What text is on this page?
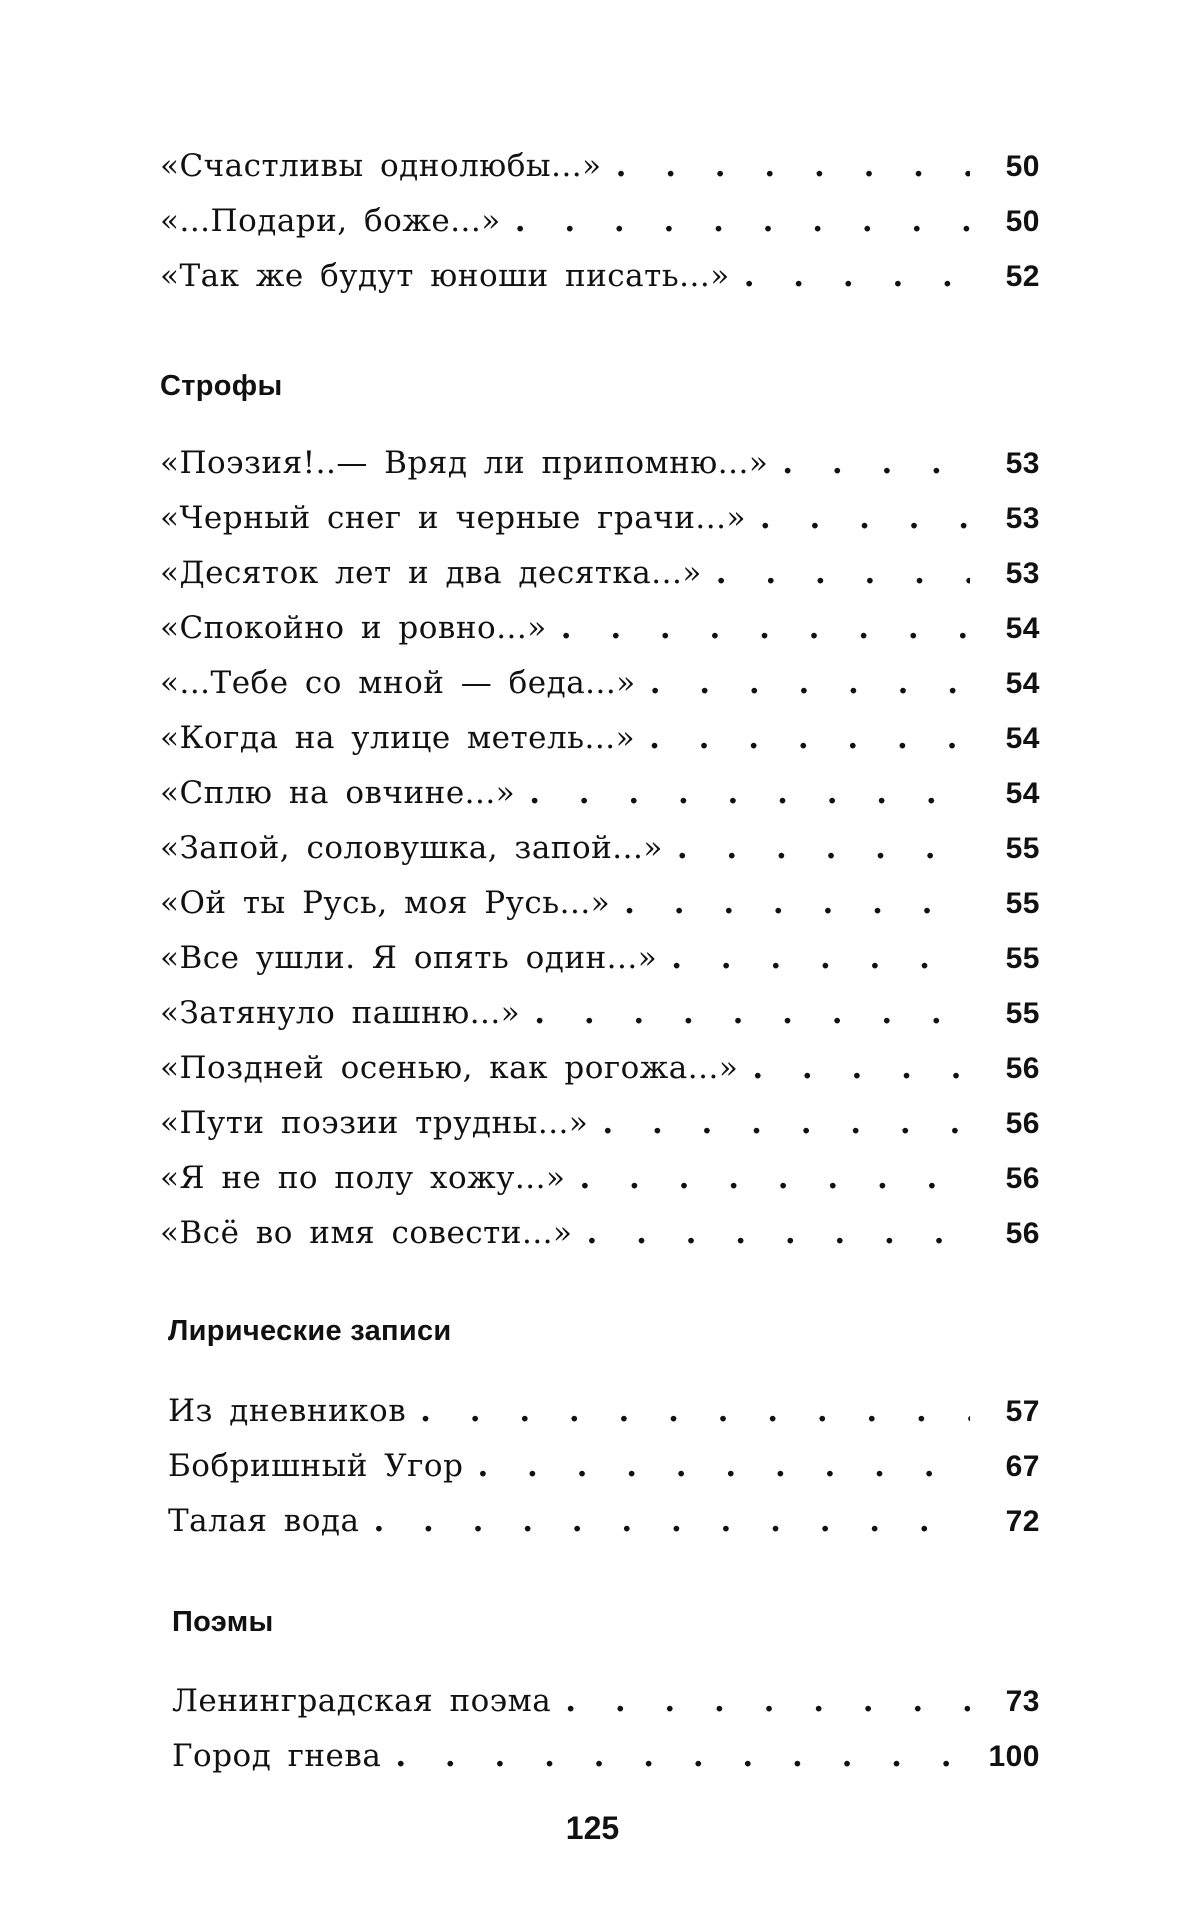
«Счастливы однолюбы...» . . .	50
«...Подари, боже...» . . .	50
«Так же будут юноши писать...» . . .	52
Строфы
«Поэзия!..— Вряд ли припомню...» . . .	53
«Черный снег и черные грачи...» . . .	53
«Десяток лет и два десятка...» . . .	53
«Спокойно и ровно...» . . .	54
«...Тебе со мной — беда...» . . .	54
«Когда на улице метель...» . . .	54
«Сплю на овчине...» . . .	54
«Запой, соловушка, запой...» . . .	55
«Ой ты Русь, моя Русь...» . . .	55
«Все ушли. Я опять один...» . . .	55
«Затянуло пашню...» . . .	55
«Поздней осенью, как рогожа...» . . .	56
«Пути поэзии трудны...» . . .	56
«Я не по полу хожу...» . . .	56
«Всё во имя совести...» . . .	56
Лирические записи
Из дневников . . .	57
Бобришный Угор . . .	67
Талая вода . . .	72
Поэмы
Ленинградская поэма . . .	73
Город гнева . . .	100
125
